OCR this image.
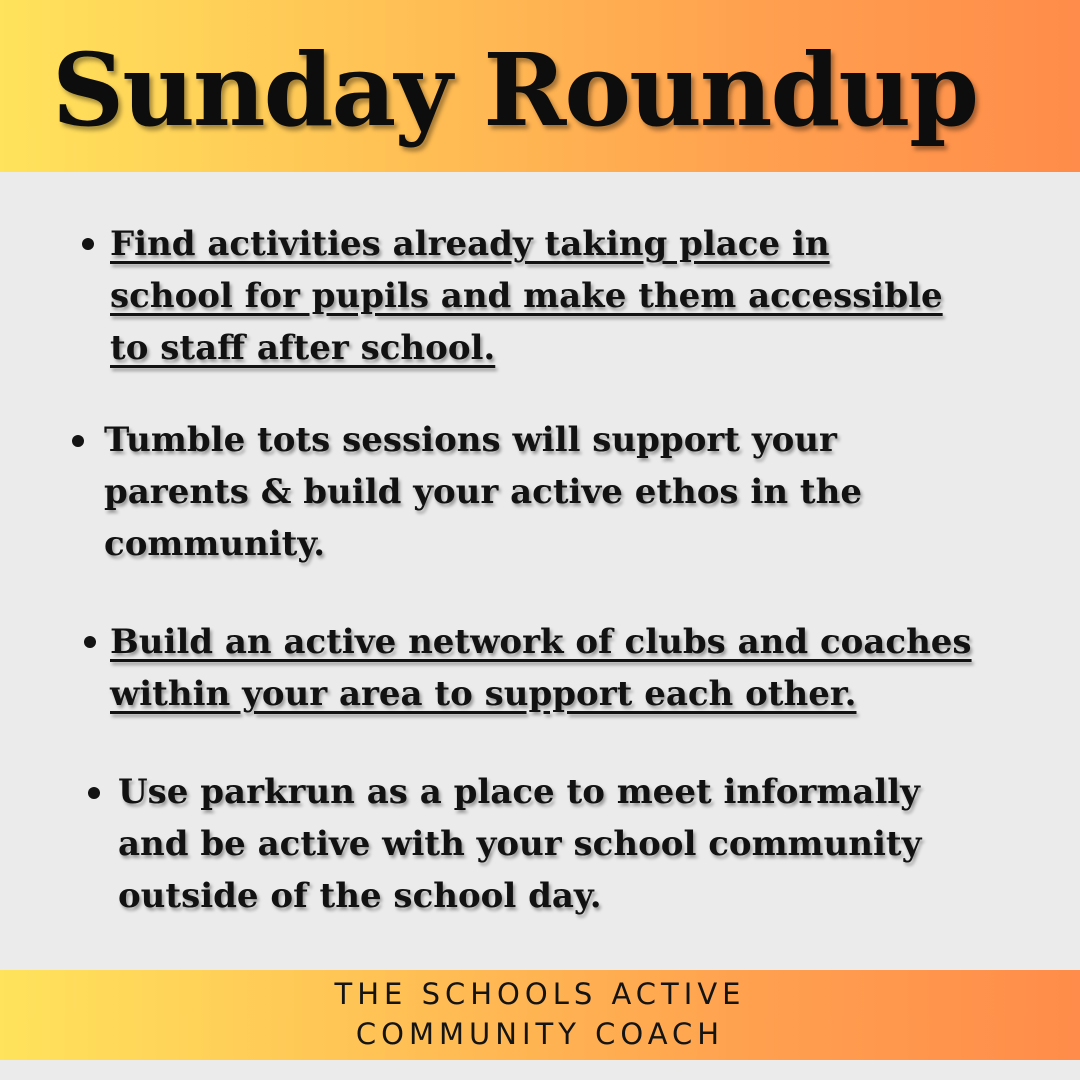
Sunday Roundup
Find activities already taking place in
school for pupils and make them accessible
to staff after school.
Tumble tots sessions will support your
parents & build your active ethos in the
community.
Build an active network of clubs and coaches
within your area to support each other.
Use parkrun as a place to meet informally
and be active with your school community
outside of the school day.
THE SCHOOLS ACTIVE
COMMUNITY COACH
